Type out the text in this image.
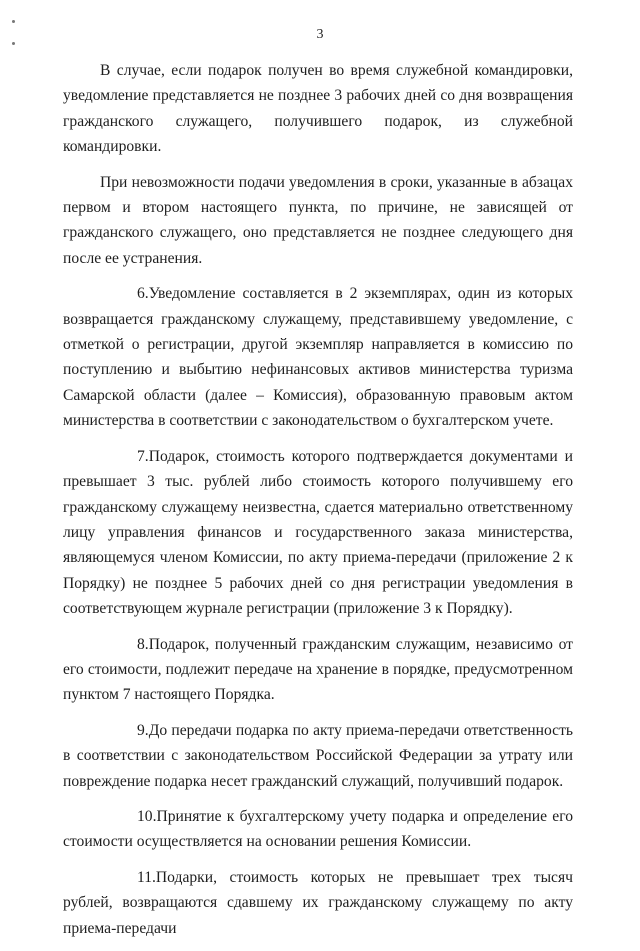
3

В случае, если подарок получен во время служебной командировки, уведомление представляется не позднее 3 рабочих дней со дня возвращения гражданского служащего, получившего подарок, из служебной командировки.

При невозможности подачи уведомления в сроки, указанные в абзацах первом и втором настоящего пункта, по причине, не зависящей от гражданского служащего, оно представляется не позднее следующего дня после ее устранения.

6.Уведомление составляется в 2 экземплярах, один из которых возвращается гражданскому служащему, представившему уведомление, с отметкой о регистрации, другой экземпляр направляется в комиссию по поступлению и выбытию нефинансовых активов министерства туризма Самарской области (далее – Комиссия), образованную правовым актом министерства в соответствии с законодательством о бухгалтерском учете.

7.Подарок, стоимость которого подтверждается документами и превышает 3 тыс. рублей либо стоимость которого получившему его гражданскому служащему неизвестна, сдается материально ответственному лицу управления финансов и государственного заказа министерства, являющемуся членом Комиссии, по акту приема-передачи (приложение 2 к Порядку) не позднее 5 рабочих дней со дня регистрации уведомления в соответствующем журнале регистрации (приложение 3 к Порядку).

8.Подарок, полученный гражданским служащим, независимо от его стоимости, подлежит передаче на хранение в порядке, предусмотренном пунктом 7 настоящего Порядка.

9.До передачи подарка по акту приема-передачи ответственность в соответствии с законодательством Российской Федерации за утрату или повреждение подарка несет гражданский служащий, получивший подарок.

10.Принятие к бухгалтерскому учету подарка и определение его стоимости осуществляется на основании решения Комиссии.

11.Подарки, стоимость которых не превышает трех тысяч рублей, возвращаются сдавшему их гражданскому служащему по акту приема-передачи
